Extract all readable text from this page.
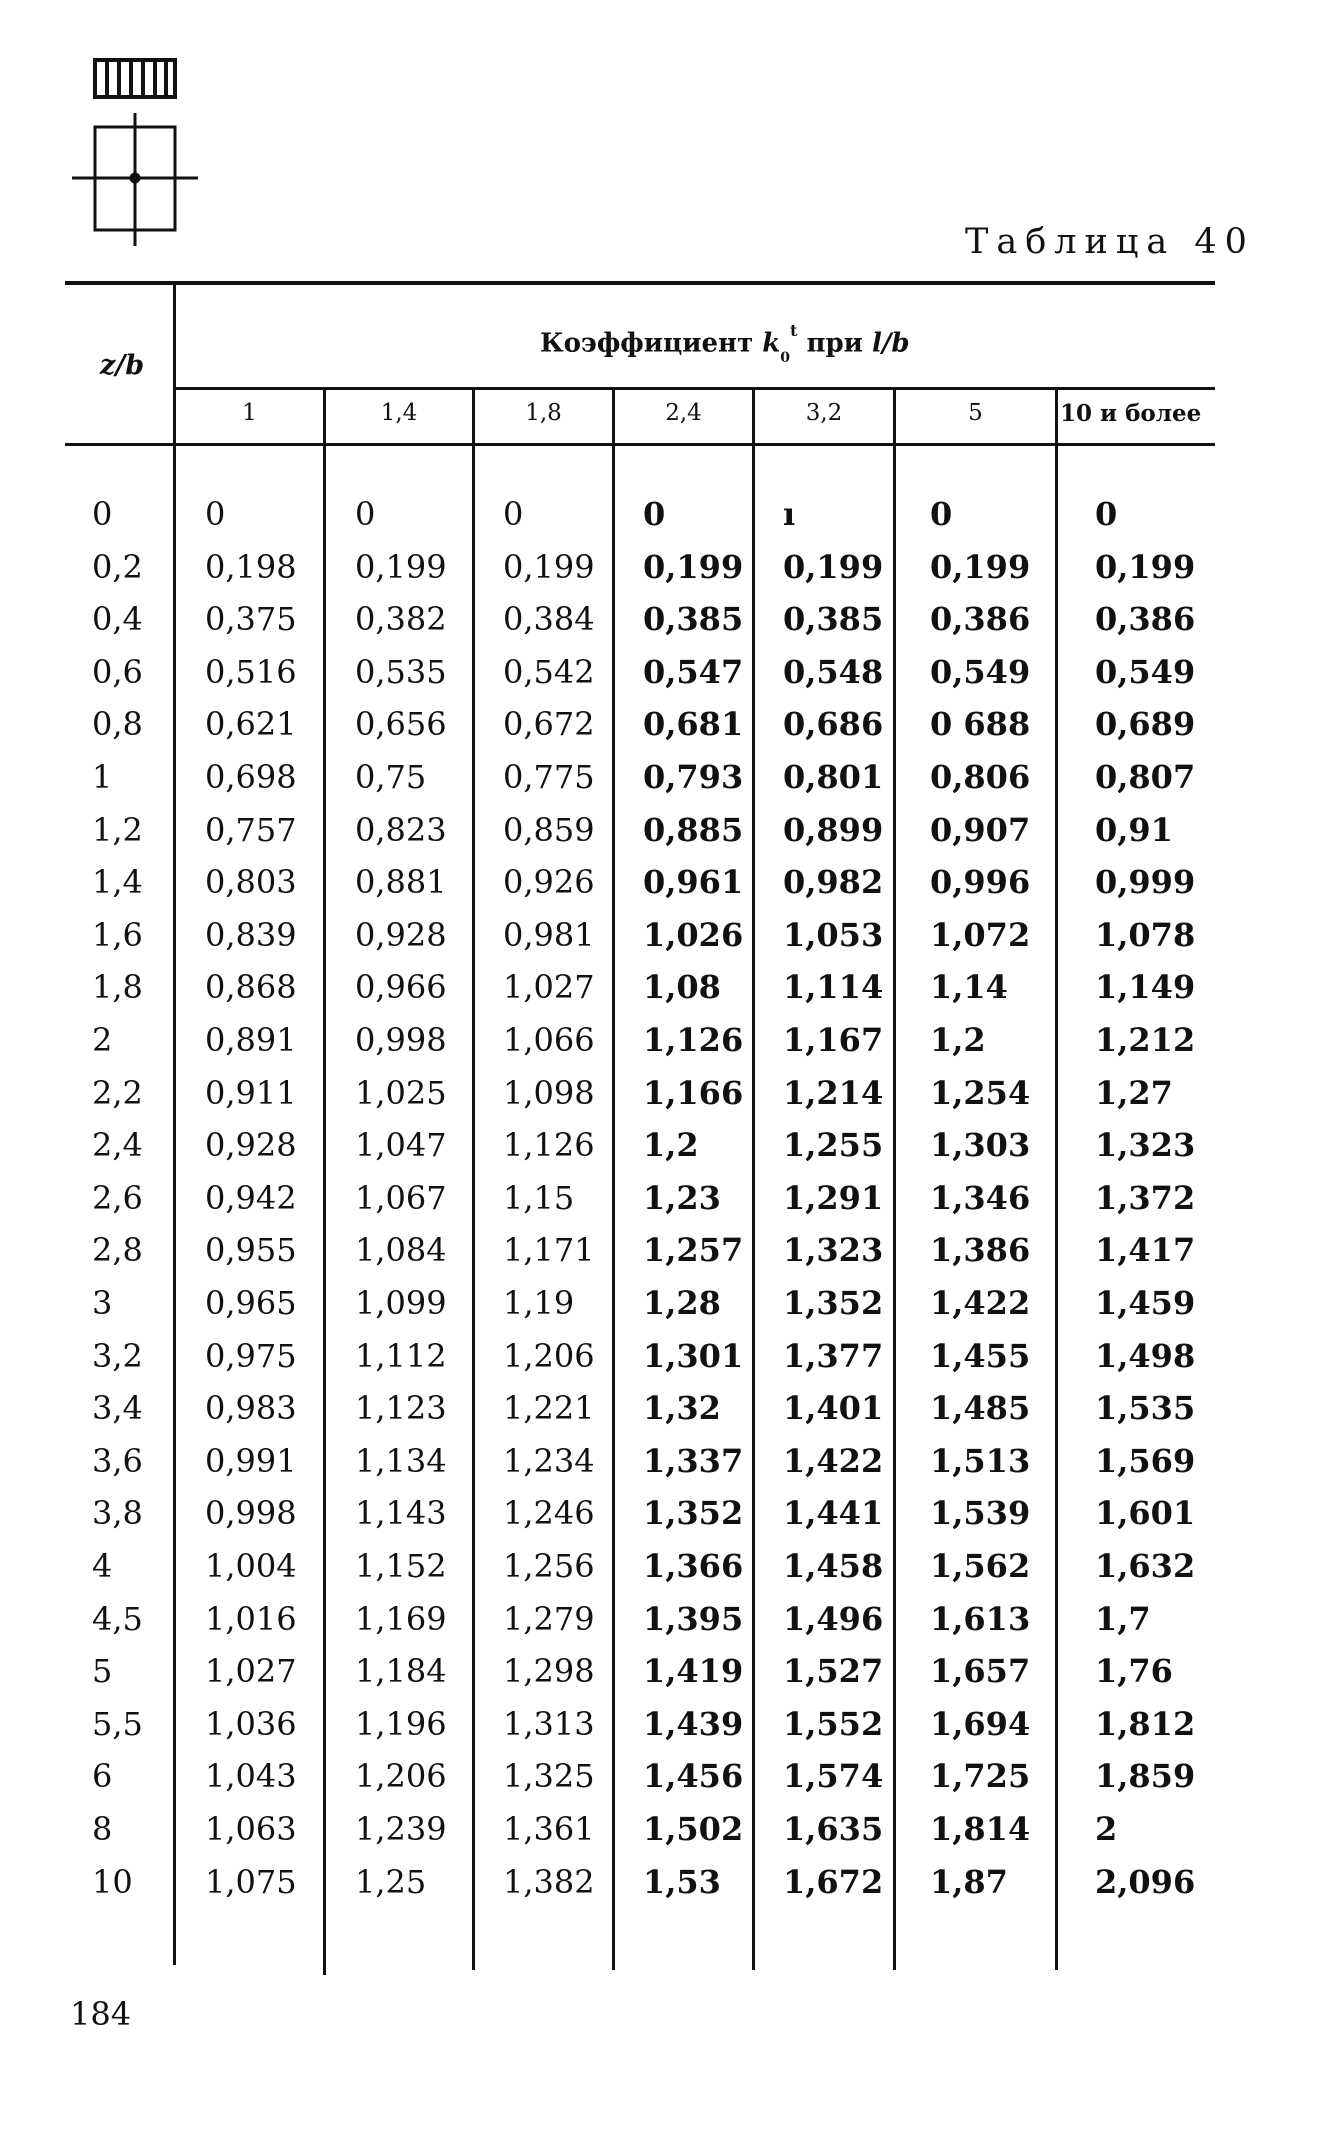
Таблица 40
z/b
Коэффициент $k_0^t$ при l/b
1	1,4	1,8	2,4	3,2	5	10 и более
0	0	0	0	0	ı	0	0
0,2 0,198 0,199 0,199 0,199 0,199 0,199 0,199
0,4 0,375 0,382 0,384 0,385 0,385 0,386 0,386
0,6 0,516 0,535 0,542 0,547 0,548 0,549 0,549
0,8 0,621 0,656 0,672 0,681 0,686 0 688 0,689
1	0,698 0,75 0,775 0,793 0,801 0,806 0,807
1,2 0,757 0,823 0,859 0,885 0,899 0,907 0,91
1,4 0,803 0,881 0,926 0,961 0,982 0,996 0,999
1,6 0,839 0,928 0,981 1,026 1,053 1,072 1,078
1,8 0,868 0,966 1,027 1,08 1,114 1,14	1,149
2	0,891 0,998 1,066 1,126 1,167 1,2	1,212
2,2 0,911 1,025 1,098 1,166 1,214 1,254 1,27
2,4 0,928 1,047 1,126 1,2	1,255 1,303 1,323
2,6 0,942 1,067 1,15 1,23 1,291 1,346 1,372
2,8 0,955 1,084 1,171 1,257 1,323 1,386 1,417
3	0,965 1,099 1,19 1,28 1,352 1,422 1,459
3,2 0,975 1,112 1,206 1,301 1,377 1,455 1,498
3,4 0,983 1,123 1,221 1,32 1,401 1,485 1,535
3,6 0,991 1,134 1,234 1,337 1,422 1,513 1,569
3,8 0,998 1,143 1,246 1,352 1,441 1,539 1,601
4	1,004 1,152 1,256 1,366 1,458 1,562 1,632
4,5 1,016 1,169 1,279 1,395 1,496 1,613 1,7
5	1,027 1,184 1,298 1,419 1,527 1,657 1,76
5,5 1,036 1,196 1,313 1,439 1,552 1,694 1,812
6	1,043 1,206 1,325 1,456 1,574 1,725 1,859
8	1,063 1,239 1,361 1,502 1,635 1,814 2
10 1,075 1,25 1,382 1,53 1,672 1,87	2,096
184
